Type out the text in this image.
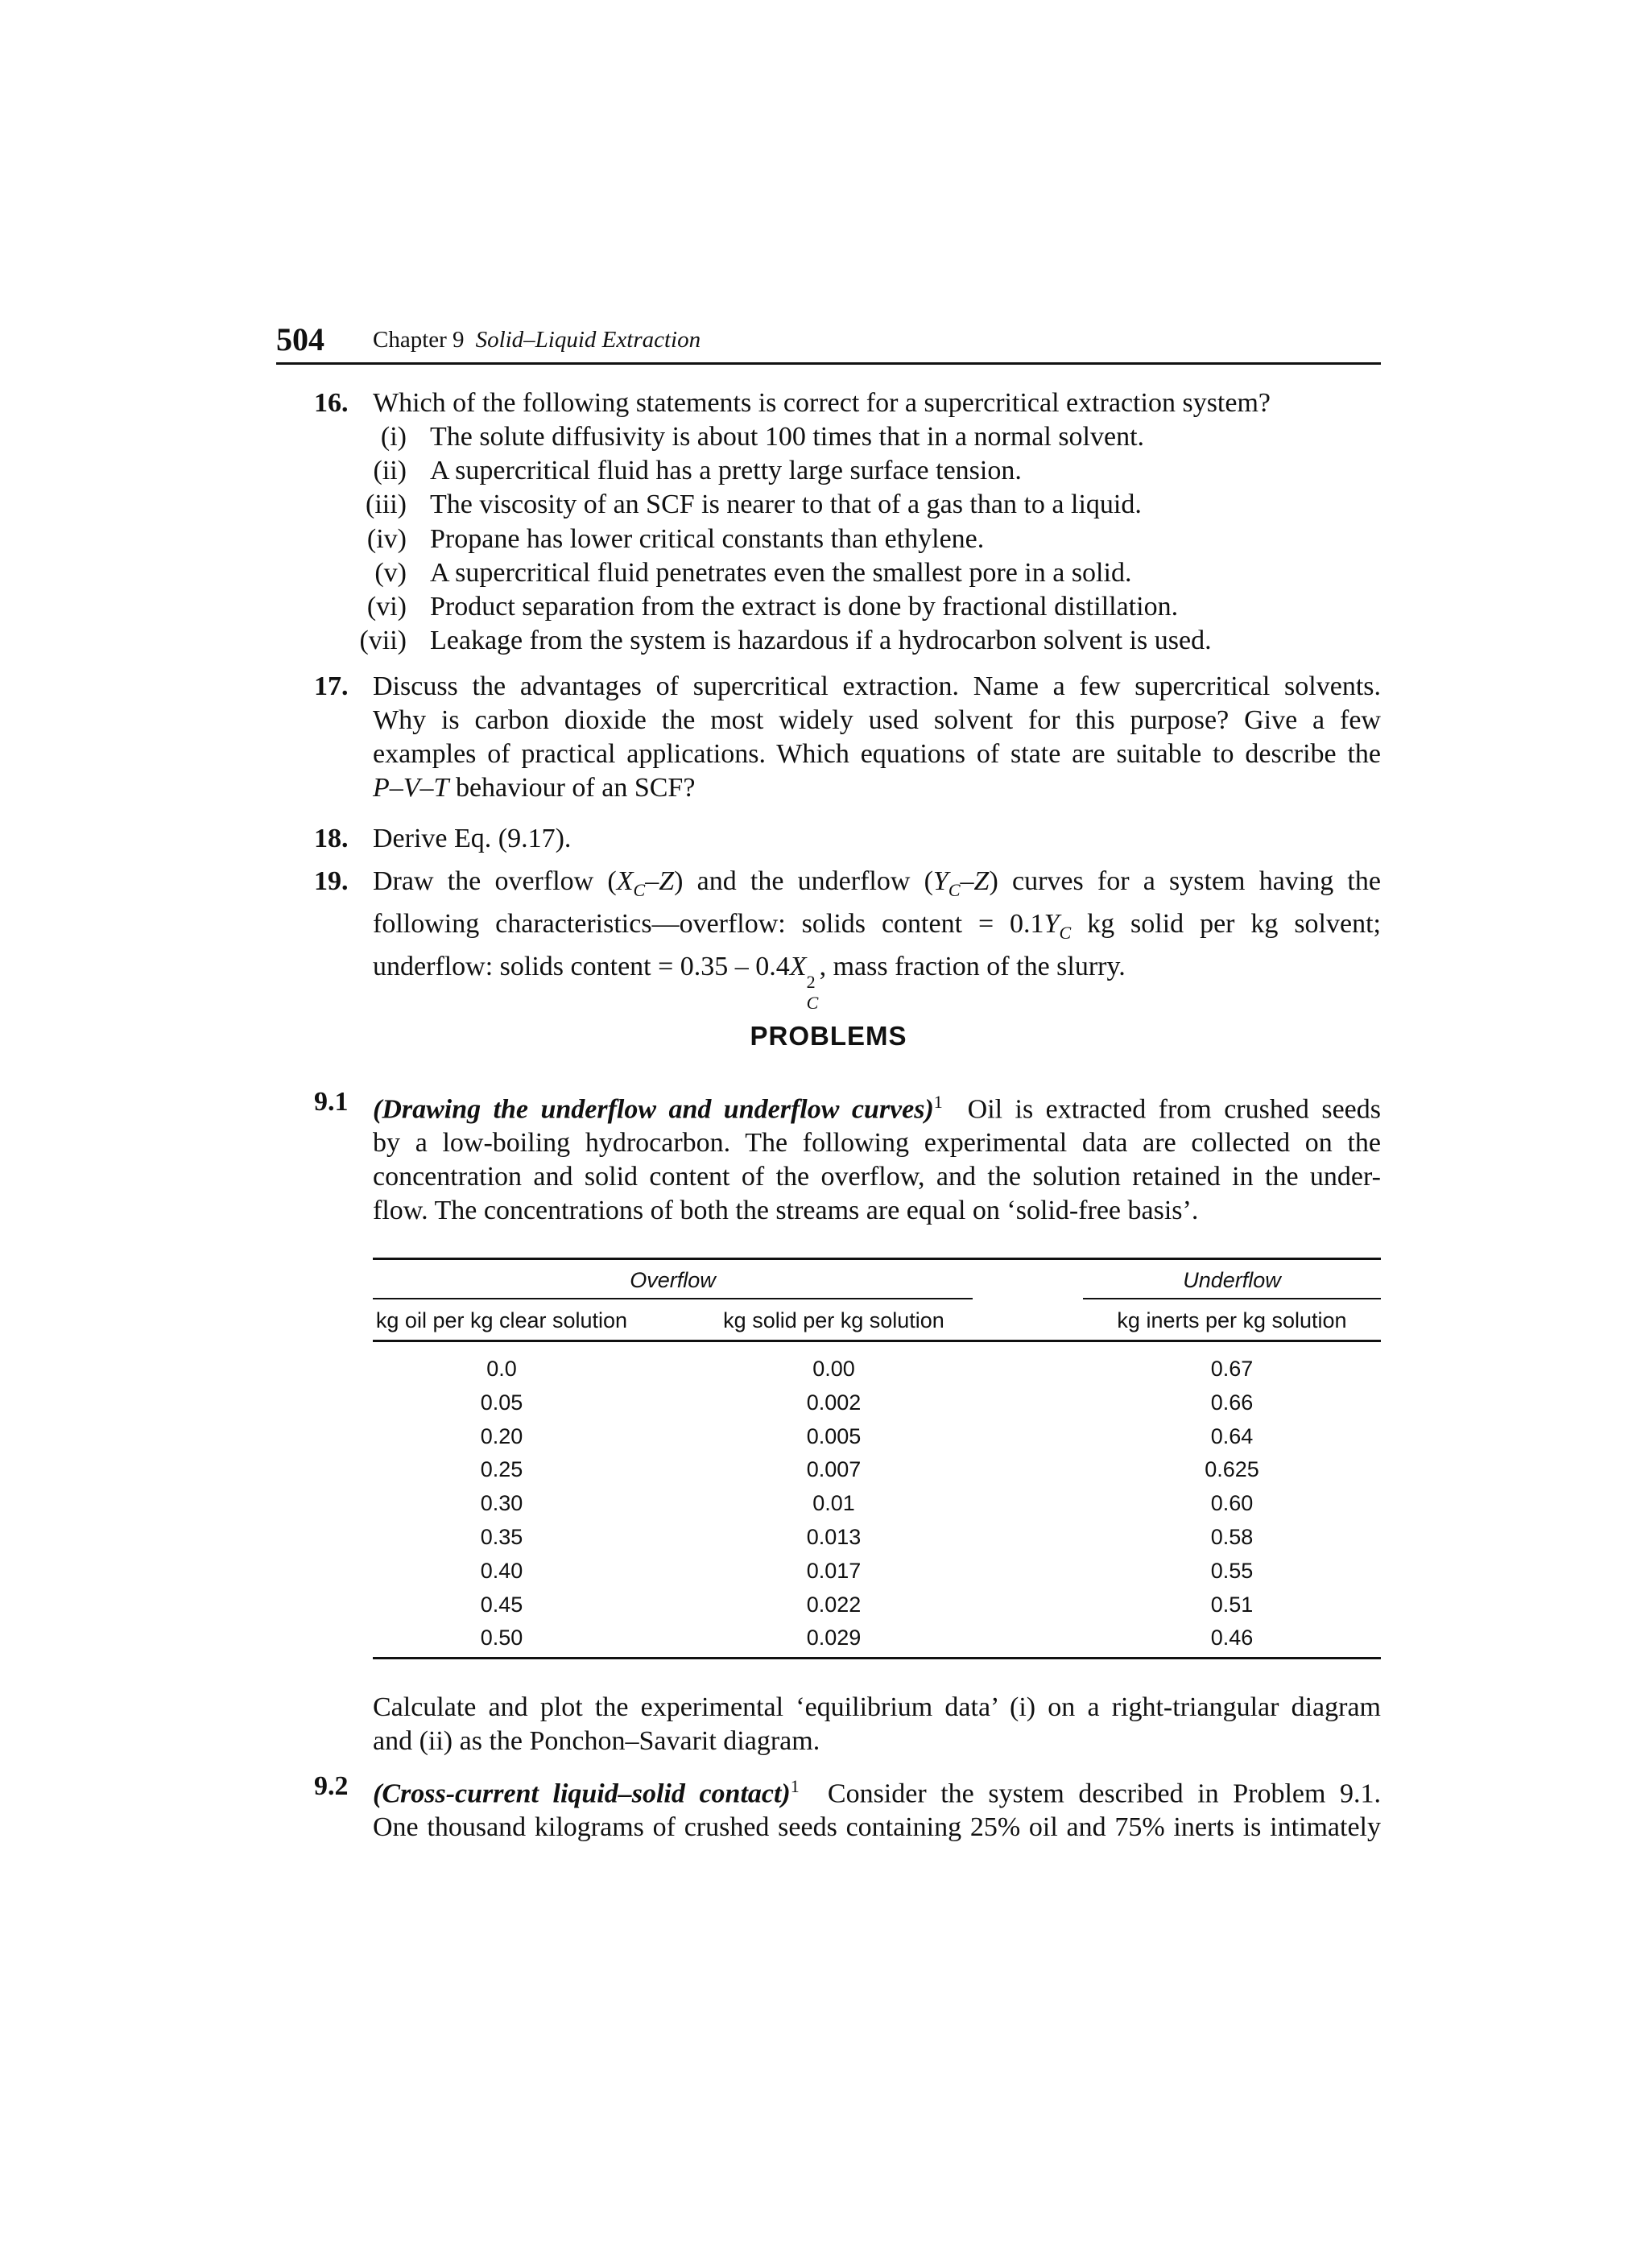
504 Chapter 9 Solid–Liquid Extraction
16. Which of the following statements is correct for a supercritical extraction system?
(i) The solute diffusivity is about 100 times that in a normal solvent.
(ii) A supercritical fluid has a pretty large surface tension.
(iii) The viscosity of an SCF is nearer to that of a gas than to a liquid.
(iv) Propane has lower critical constants than ethylene.
(v) A supercritical fluid penetrates even the smallest pore in a solid.
(vi) Product separation from the extract is done by fractional distillation.
(vii) Leakage from the system is hazardous if a hydrocarbon solvent is used.
17. Discuss the advantages of supercritical extraction. Name a few supercritical solvents.
Why is carbon dioxide the most widely used solvent for this purpose? Give a few
examples of practical applications. Which equations of state are suitable to describe the
P–V–T behaviour of an SCF?
18. Derive Eq. (9.17).
19. Draw the overflow $(X_C-Z)$ and the underflow $(Y_C-Z)$ curves for a system having the
following characteristics—overflow: solids content = $0.1Y_C$ kg solid per kg solvent;
underflow: solids content = 0.35 – 0.4X
2
C
, mass fraction of the slurry.
PROBLEMS
9.1 (Drawing the underflow and underflow curves)$^1$ Oil is extracted from crushed seeds
by a low-boiling hydrocarbon. The following experimental data are collected on the
concentration and solid content of the overflow, and the solution retained in the under-
flow. The concentrations of both the streams are equal on ‘solid-free basis’.
Overflow	Underflow
kg oil per kg clear solution	kg solid per kg solution	kg inerts per kg solution
0.0	0.00	0.67
0.05	0.002	0.66
0.20	0.005	0.64
0.25	0.007	0.625
0.30	0.01	0.60
0.35	0.013	0.58
0.40	0.017	0.55
0.45	0.022	0.51
0.50	0.029	0.46
Calculate and plot the experimental ‘equilibrium data’ (i) on a right-triangular diagram
and (ii) as the Ponchon–Savarit diagram.
9.2 (Cross-current liquid–solid contact)$^1$ Consider the system described in Problem 9.1.
One thousand kilograms of crushed seeds containing 25% oil and 75% inerts is intimately
